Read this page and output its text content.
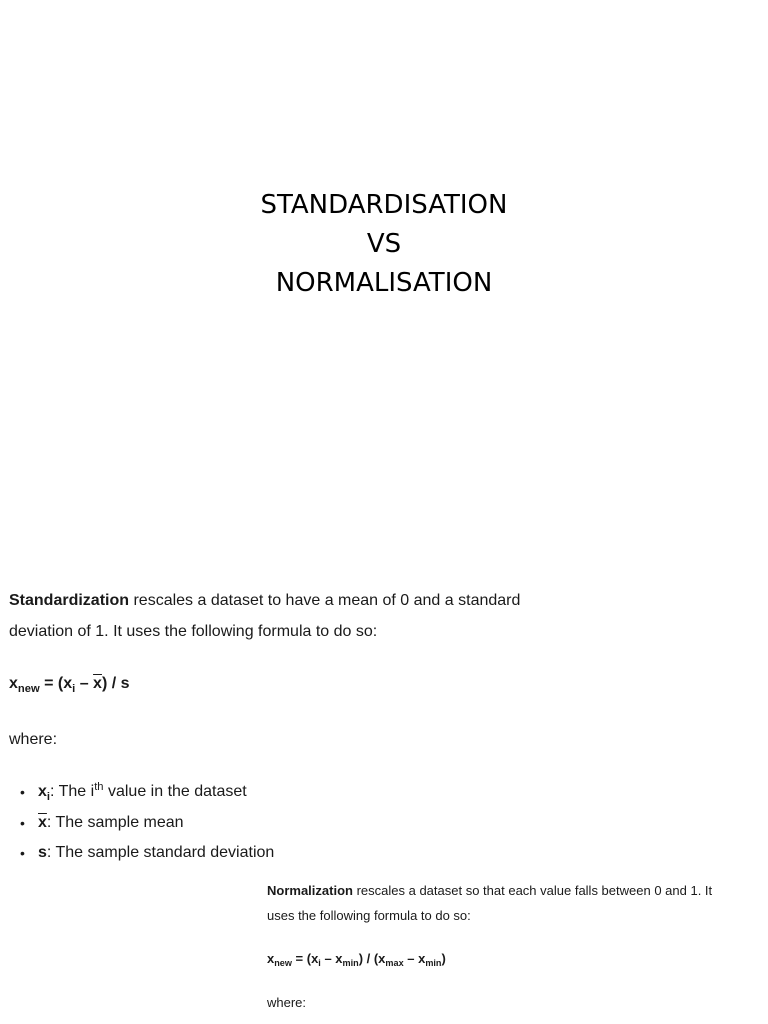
STANDARDISATION
VS
NORMALISATION

Standardization rescales a dataset to have a mean of 0 and a standard
deviation of 1. It uses the following formula to do so:

$x_{new} = (x_i - \overline{x}) / s$
where:
• $x_i$: The $i^{th}$ value in the dataset
• $\overline{x}$: The sample mean
• s: The sample standard deviation

Normalization rescales a dataset so that each value falls between 0 and 1. It
uses the following formula to do so:

$x_{new} = (x_i - x_{min}) / (x_{max} - x_{min})$
where:
